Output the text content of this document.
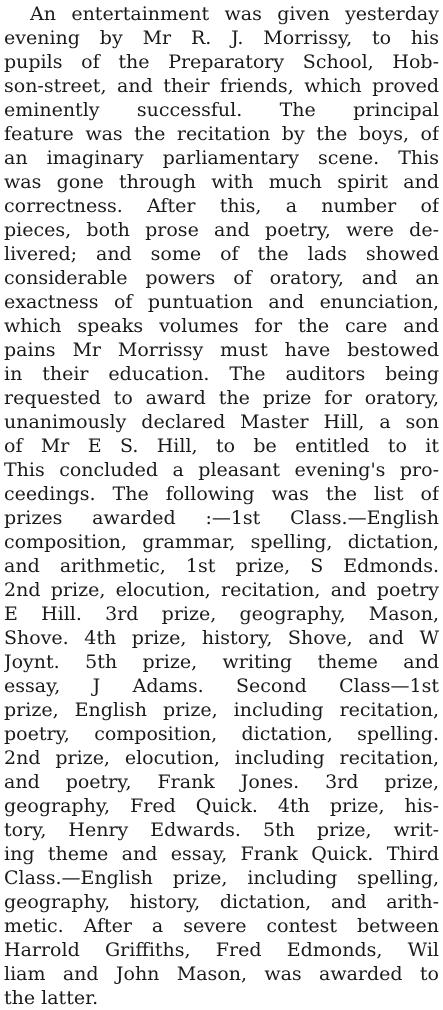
An entertainment was given yesterday
evening by Mr R. J. Morrissy, to his
pupils of the Preparatory School, Hob-
son-street, and their friends, which proved
eminently successful. The principal
feature was the recitation by the boys, of
an imaginary parliamentary scene. This
was gone through with much spirit and
correctness. After this, a number of
pieces, both prose and poetry, were de-
livered; and some of the lads showed
considerable powers of oratory, and an
exactness of puntuation and enunciation,
which speaks volumes for the care and
pains Mr Morrissy must have bestowed
in their education. The auditors being
requested to award the prize for oratory,
unanimously declared Master Hill, a son
of Mr E S. Hill, to be entitled to it
This concluded a pleasant evening's pro-
ceedings. The following was the list of
prizes awarded :—1st Class.—English
composition, grammar, spelling, dictation,
and arithmetic, 1st prize, S Edmonds.
2nd prize, elocution, recitation, and poetry
E Hill. 3rd prize, geography, Mason,
Shove. 4th prize, history, Shove, and W
Joynt. 5th prize, writing theme and
essay, J Adams. Second Class—1st
prize, English prize, including recitation,
poetry, composition, dictation, spelling.
2nd prize, elocution, including recitation,
and poetry, Frank Jones. 3rd prize,
geography, Fred Quick. 4th prize, his-
tory, Henry Edwards. 5th prize, writ-
ing theme and essay, Frank Quick. Third
Class.—English prize, including spelling,
geography, history, dictation, and arith-
metic. After a severe contest between
Harrold Griffiths, Fred Edmonds, Wil
liam and John Mason, was awarded to
the latter.
